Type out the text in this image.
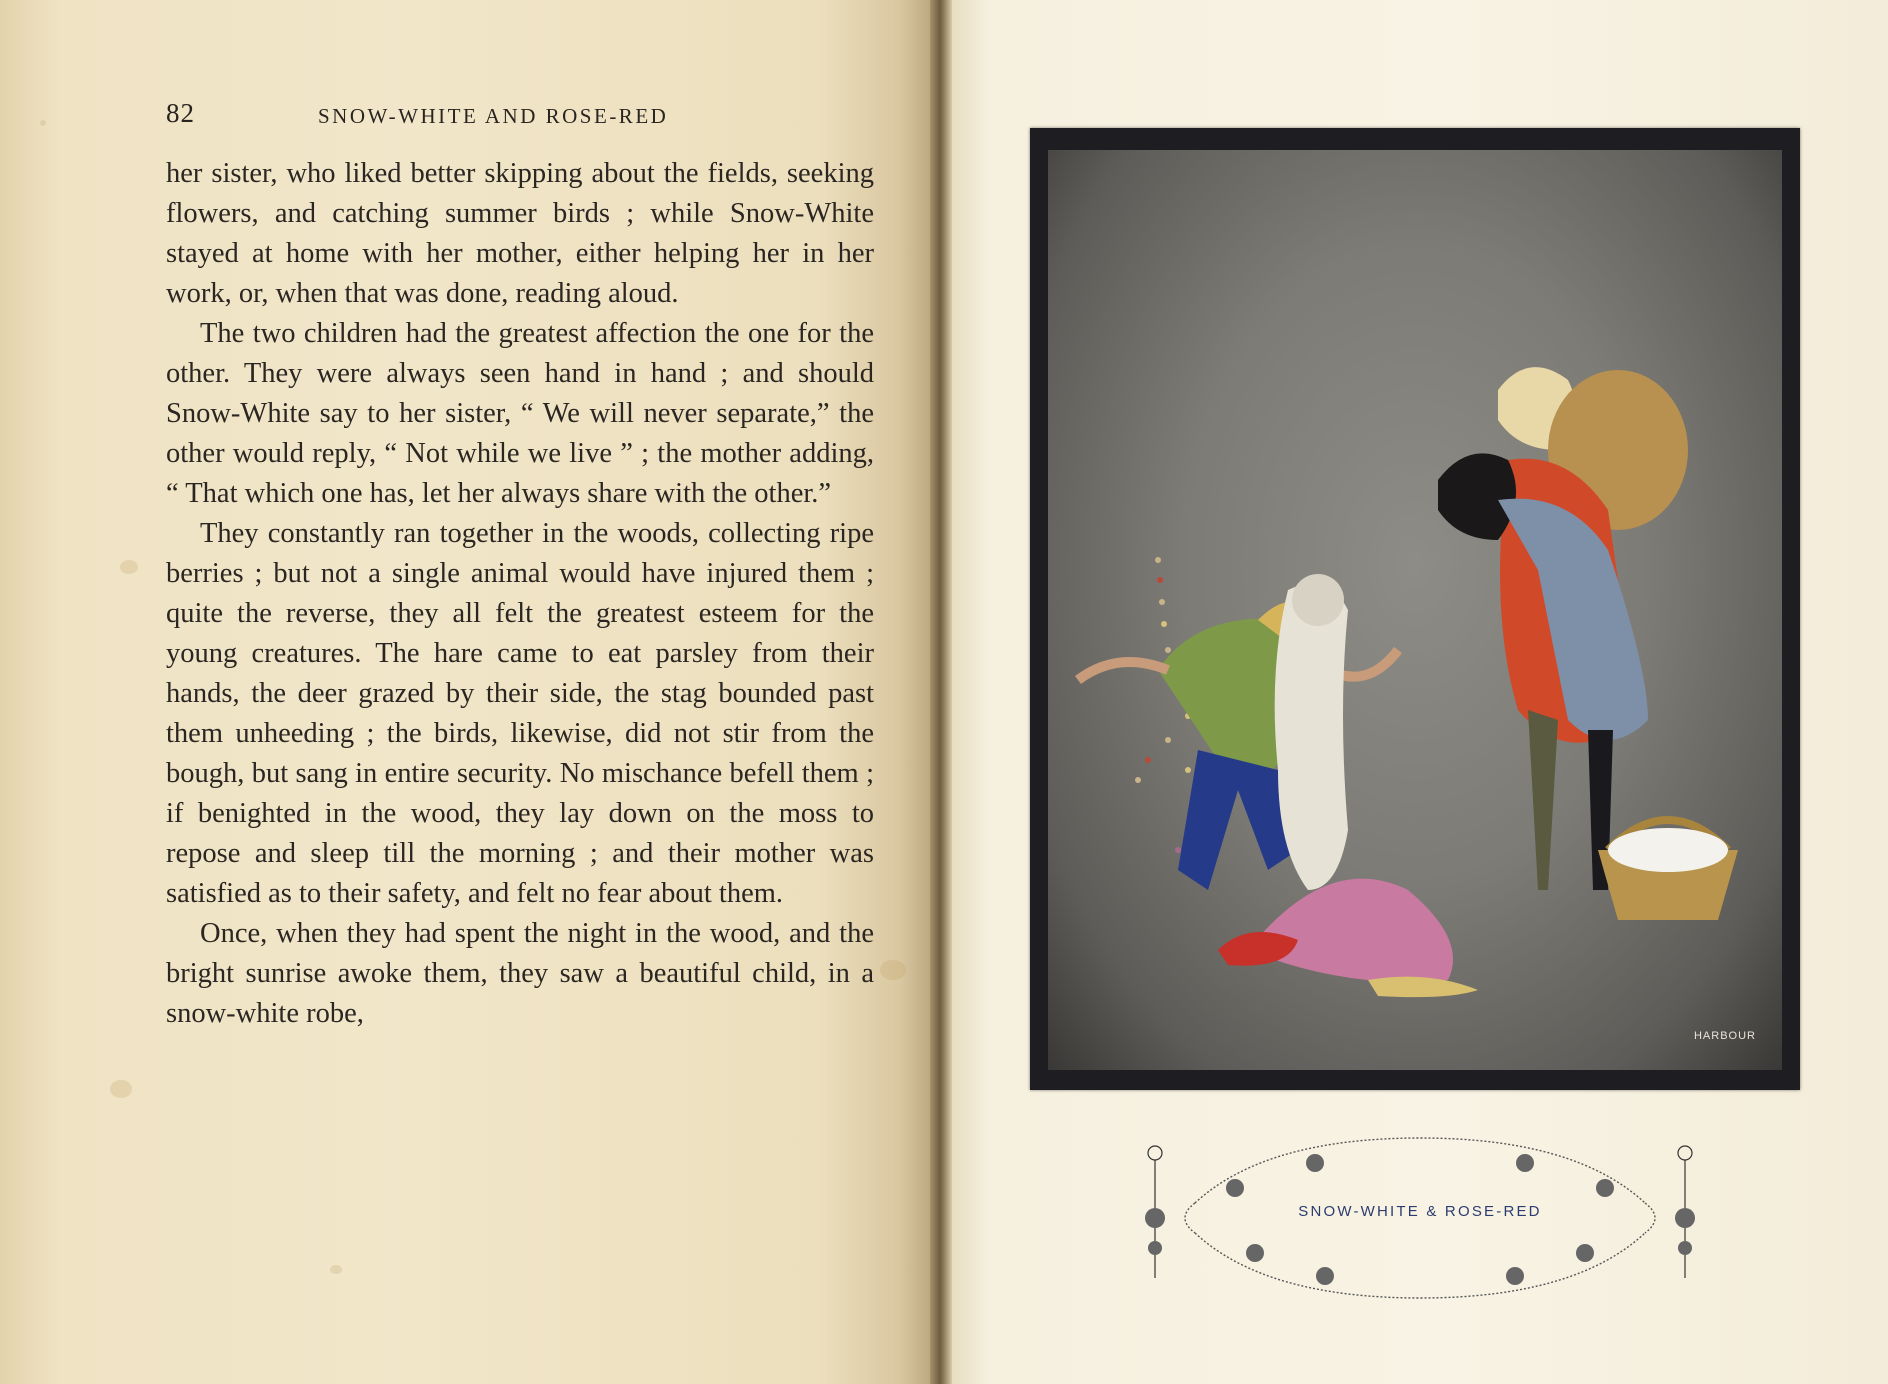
82	SNOW-WHITE AND ROSE-RED

her sister, who liked better skipping about the fields, seeking flowers, and catching summer birds ; while Snow-White stayed at home with her mother, either helping her in her work, or, when that was done, reading aloud.

The two children had the greatest affection the one for the other. They were always seen hand in hand ; and should Snow-White say to her sister, “ We will never separate,” the other would reply, “ Not while we live ” ; the mother adding, “ That which one has, let her always share with the other.”

They constantly ran together in the woods, collecting ripe berries ; but not a single animal would have injured them ; quite the reverse, they all felt the greatest esteem for the young creatures. The hare came to eat parsley from their hands, the deer grazed by their side, the stag bounded past them unheeding ; the birds, likewise, did not stir from the bough, but sang in entire security. No mischance befell them ; if benighted in the wood, they lay down on the moss to repose and sleep till the morning ; and their mother was satisfied as to their safety, and felt no fear about them.

Once, when they had spent the night in the wood, and the bright sunrise awoke them, they saw a beautiful child, in a snow-white robe,

HARBOUR
SNOW-WHITE & ROSE-RED
